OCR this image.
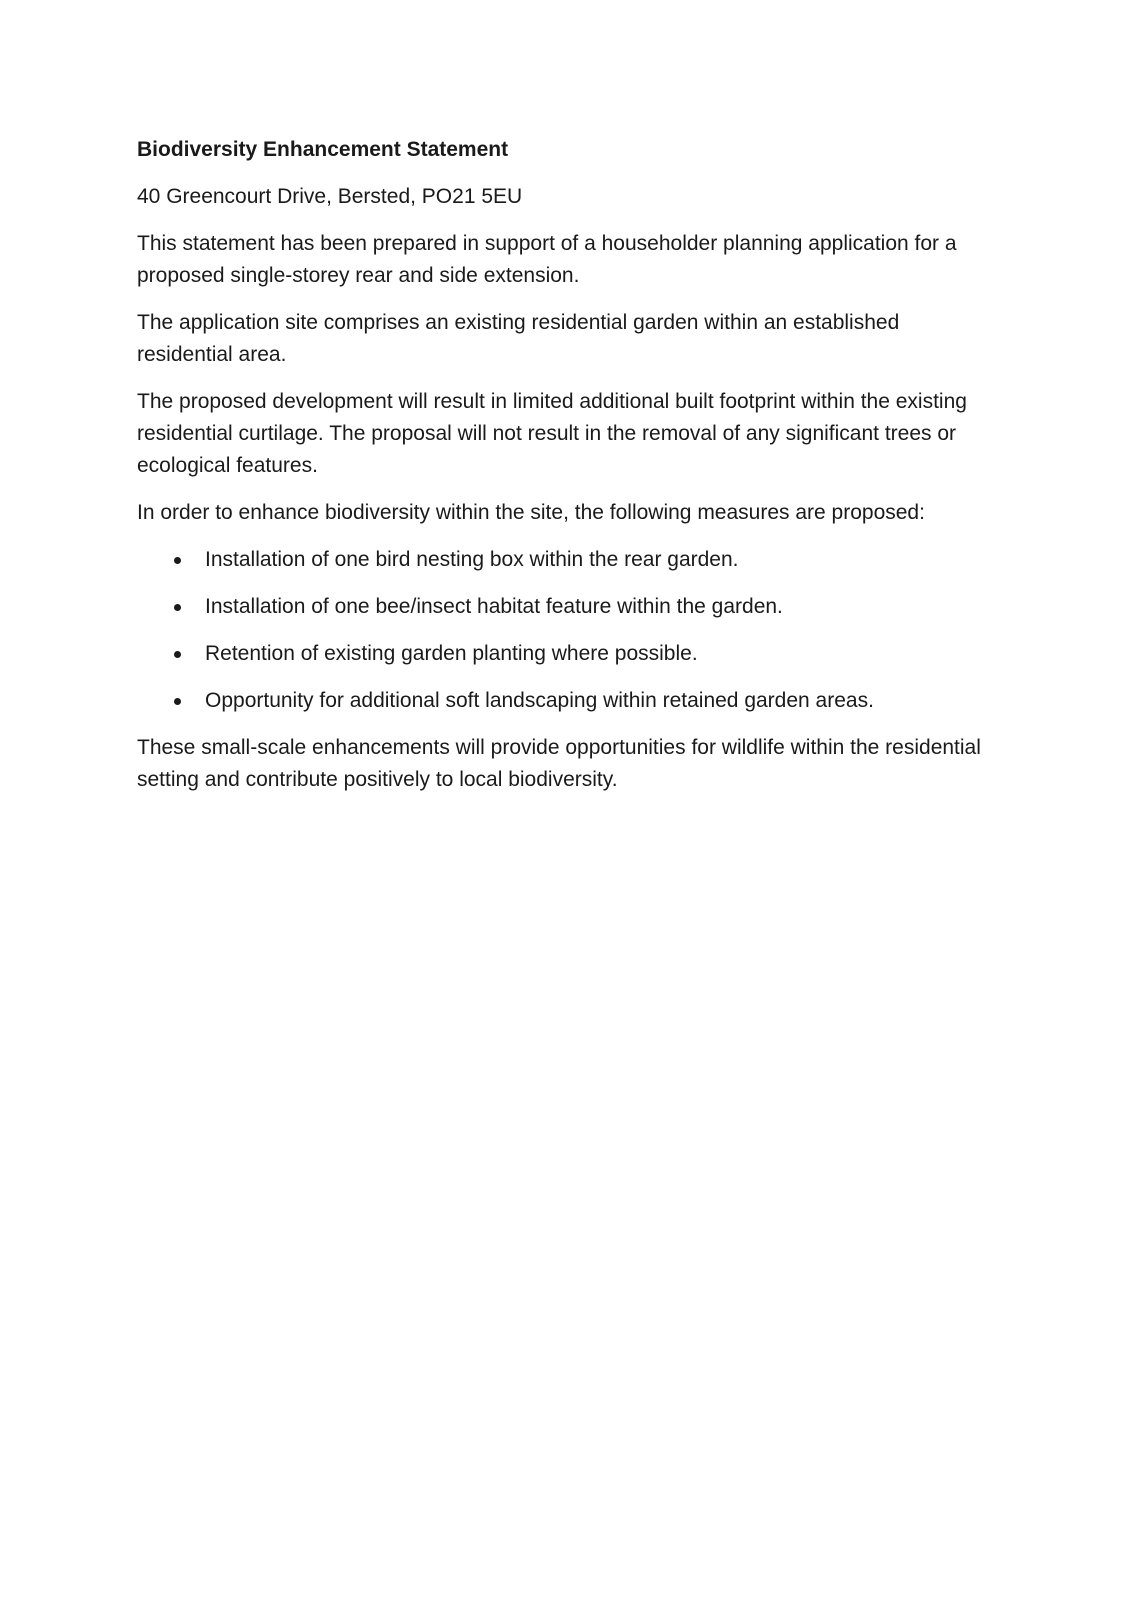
Biodiversity Enhancement Statement

40 Greencourt Drive, Bersted, PO21 5EU

This statement has been prepared in support of a householder planning application for a proposed single-storey rear and side extension.

The application site comprises an existing residential garden within an established residential area.

The proposed development will result in limited additional built footprint within the existing residential curtilage. The proposal will not result in the removal of any significant trees or ecological features.

In order to enhance biodiversity within the site, the following measures are proposed:

Installation of one bird nesting box within the rear garden.
Installation of one bee/insect habitat feature within the garden.
Retention of existing garden planting where possible.
Opportunity for additional soft landscaping within retained garden areas.

These small-scale enhancements will provide opportunities for wildlife within the residential setting and contribute positively to local biodiversity.
